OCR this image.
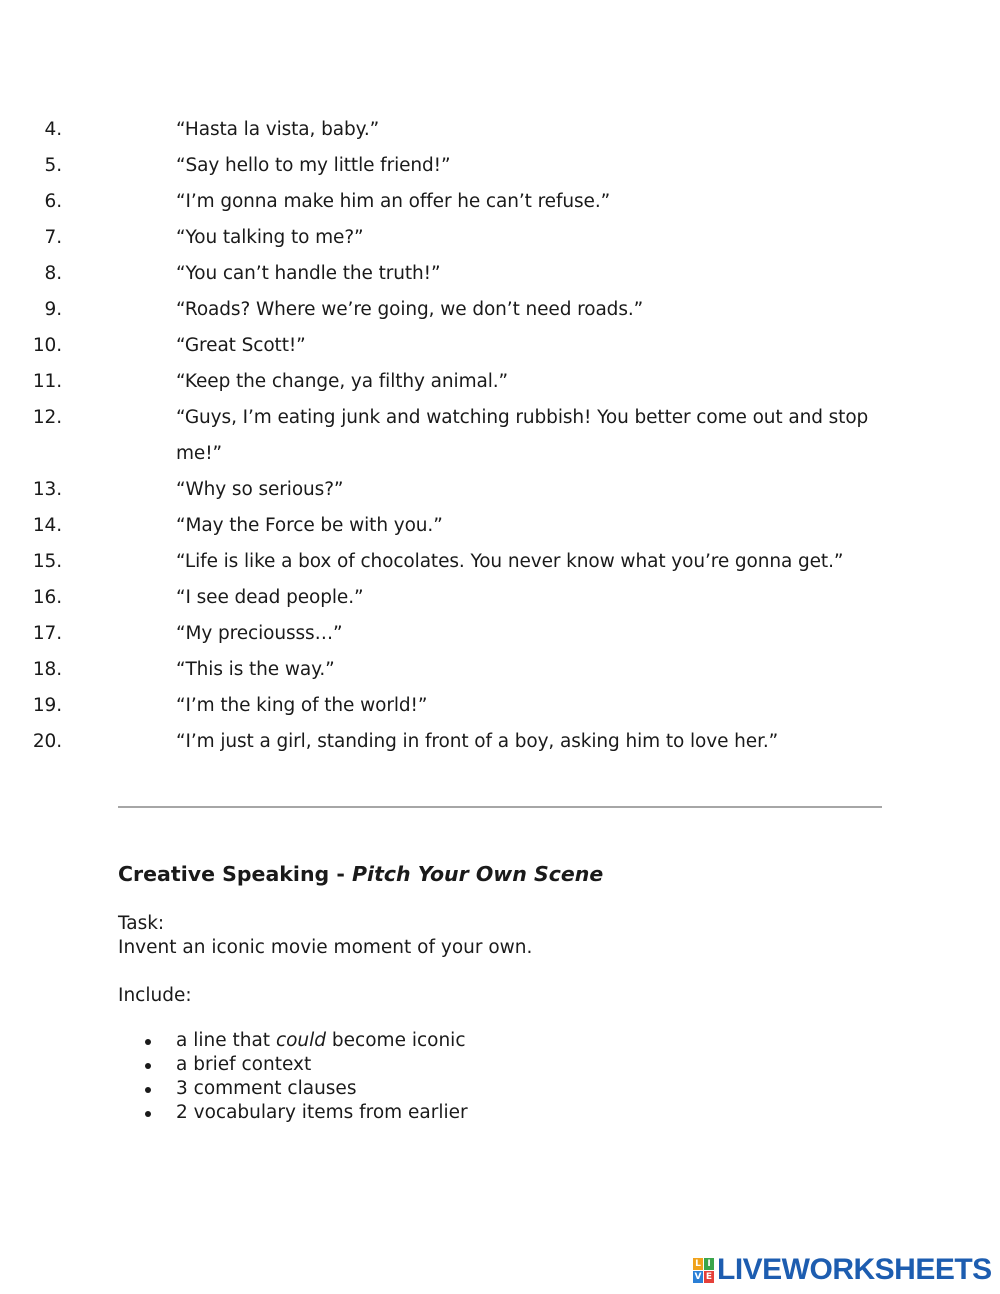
4.	“Hasta la vista, baby.”
5.	“Say hello to my little friend!”
6.	“I’m gonna make him an offer he can’t refuse.”
7.	“You talking to me?”
8.	“You can’t handle the truth!”
9.	“Roads? Where we’re going, we don’t need roads.”
10.	“Great Scott!”
11.	“Keep the change, ya filthy animal.”
12.	“Guys, I’m eating junk and watching rubbish! You better come out and stop me!”
13.	“Why so serious?”
14.	“May the Force be with you.”
15.	“Life is like a box of chocolates. You never know what you’re gonna get.”
16.	“I see dead people.”
17.	“My preciousss…”
18.	“This is the way.”
19.	“I’m the king of the world!”
20.	“I’m just a girl, standing in front of a boy, asking him to love her.”
Creative Speaking - Pitch Your Own Scene
Task:
Invent an iconic movie moment of your own.
Include:
a line that could become iconic
a brief context
3 comment clauses
2 vocabulary items from earlier
L I
V E LIVEWORKSHEETS
